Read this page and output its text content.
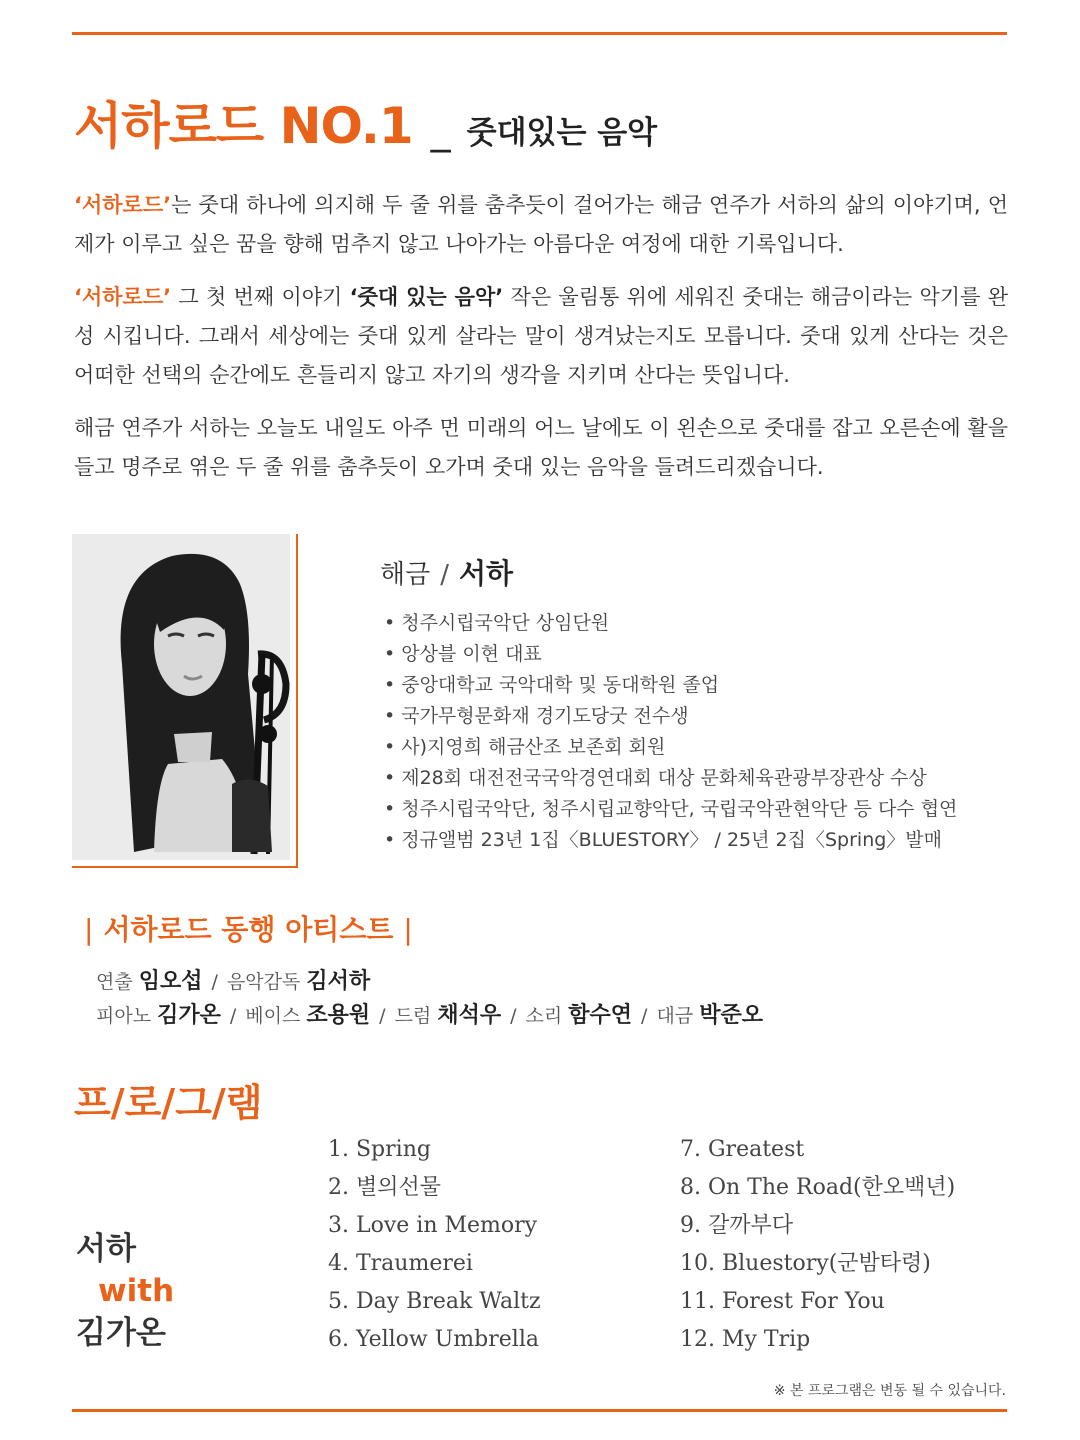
서하로드 NO.1 _ 줏대있는 음악

‘서하로드’는 줏대 하나에 의지해 두 줄 위를 춤추듯이 걸어가는 해금 연주가 서하의 삶의 이야기며, 언제가 이루고 싶은 꿈을 향해 멈추지 않고 나아가는 아름다운 여정에 대한 기록입니다.

‘서하로드’ 그 첫 번째 이야기 ‘줏대 있는 음악’ 작은 울림통 위에 세워진 줏대는 해금이라는 악기를 완성 시킵니다. 그래서 세상에는 줏대 있게 살라는 말이 생겨났는지도 모릅니다. 줏대 있게 산다는 것은 어떠한 선택의 순간에도 흔들리지 않고 자기의 생각을 지키며 산다는 뜻입니다.

해금 연주가 서하는 오늘도 내일도 아주 먼 미래의 어느 날에도 이 왼손으로 줏대를 잡고 오른손에 활을 들고 명주로 엮은 두 줄 위를 춤추듯이 오가며 줏대 있는 음악을 들려드리겠습니다.

해금 / 서하
• 청주시립국악단 상임단원
• 앙상블 이현 대표
• 중앙대학교 국악대학 및 동대학원 졸업
• 국가무형문화재 경기도당굿 전수생
• 사)지영희 해금산조 보존회 회원
• 제28회 대전전국국악경연대회 대상 문화체육관광부장관상 수상
• 청주시립국악단, 청주시립교향악단, 국립국악관현악단 등 다수 협연
• 정규앨범 23년 1집〈BLUESTORY〉 / 25년 2집〈Spring〉발매
| 서하로드 동행 아티스트 |
연출 임오섭 / 음악감독 김서하
피아노 김가온 / 베이스 조용원 / 드럼 채석우 / 소리 함수연 / 대금 박준오
프/로/그/램
서하
with
김가온
1. Spring
2. 별의선물
3. Love in Memory
4. Traumerei
5. Day Break Waltz
6. Yellow Umbrella
7. Greatest
8. On The Road(한오백년)
9. 갈까부다
10. Bluestory(군밤타령)
11. Forest For You
12. My Trip
※ 본 프로그램은 변동 될 수 있습니다.
